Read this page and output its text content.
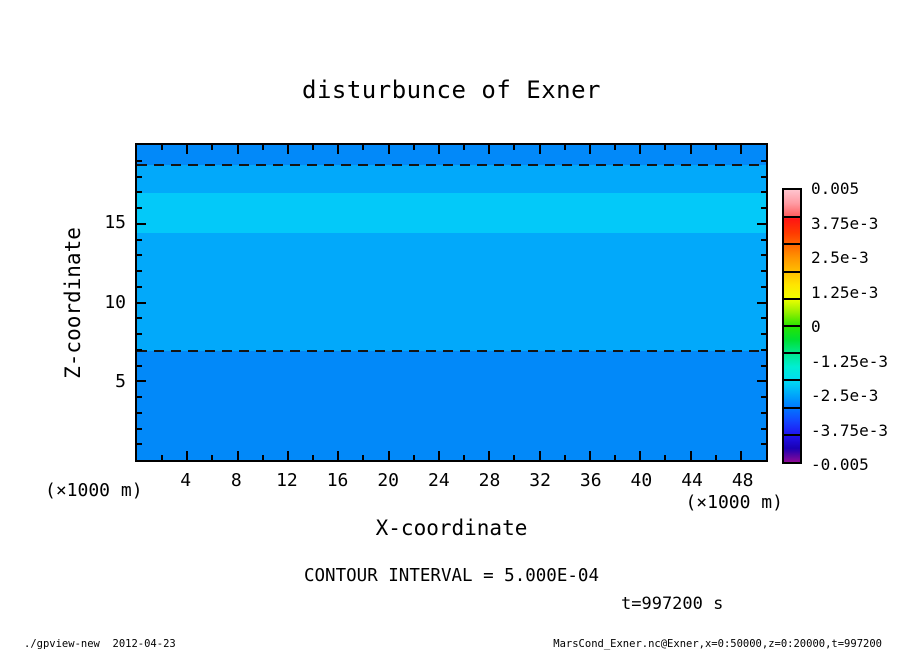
disturbunce of Exner
4	8	12	16	20	24	28	32	36	40	44	48
5
10
15
X-coordinate
Z-coordinate
(×1000 m)
(×1000 m)
CONTOUR INTERVAL = 5.000E-04
t=997200 s
0.005
3.75e-3
2.5e-3
1.25e-3
0
-1.25e-3
-2.5e-3
-3.75e-3
-0.005
./gpview-new  2012-04-23	MarsCond_Exner.nc@Exner,x=0:50000,z=0:20000,t=997200
